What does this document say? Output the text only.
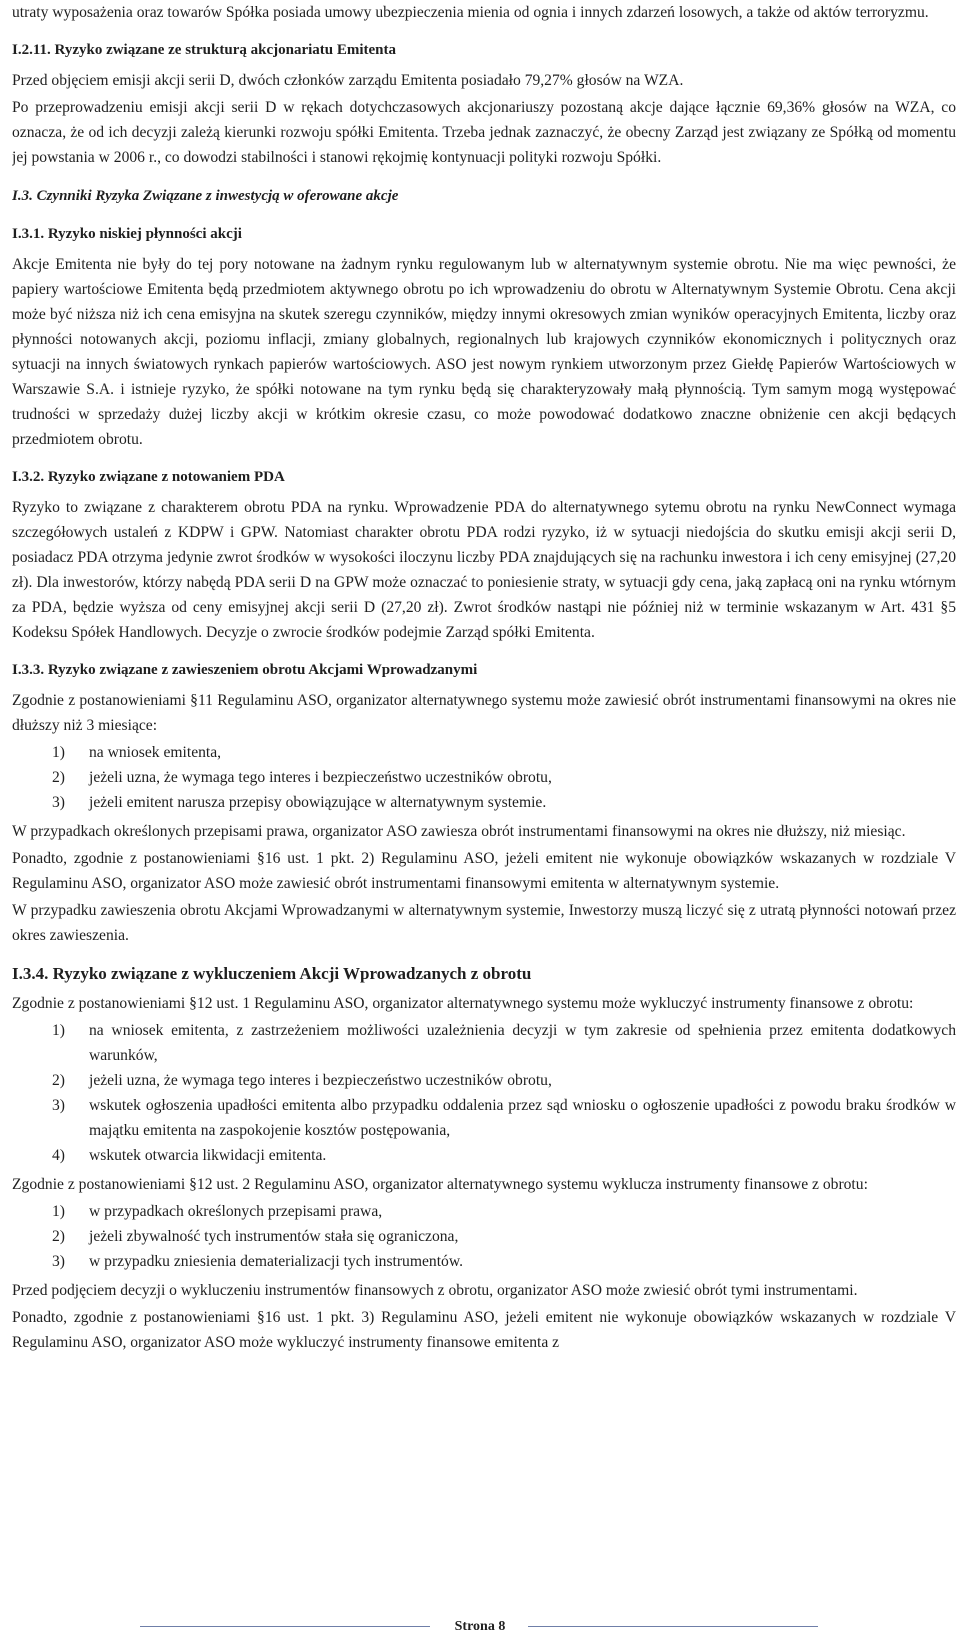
utraty wyposażenia oraz towarów Spółka posiada umowy ubezpieczenia mienia od ognia i innych zdarzeń losowych, a także od aktów terroryzmu.

I.2.11. Ryzyko związane ze strukturą akcjonariatu Emitenta

Przed objęciem emisji akcji serii D, dwóch członków zarządu Emitenta posiadało 79,27% głosów na WZA.

Po przeprowadzeniu emisji akcji serii D w rękach dotychczasowych akcjonariuszy pozostaną akcje dające łącznie 69,36% głosów na WZA, co oznacza, że od ich decyzji zależą kierunki rozwoju spółki Emitenta. Trzeba jednak zaznaczyć, że obecny Zarząd jest związany ze Spółką od momentu jej powstania w 2006 r., co dowodzi stabilności i stanowi rękojmię kontynuacji polityki rozwoju Spółki.

I.3. Czynniki Ryzyka Związane z inwestycją w oferowane akcje
I.3.1. Ryzyko niskiej płynności akcji

Akcje Emitenta nie były do tej pory notowane na żadnym rynku regulowanym lub w alternatywnym systemie obrotu. Nie ma więc pewności, że papiery wartościowe Emitenta będą przedmiotem aktywnego obrotu po ich wprowadzeniu do obrotu w Alternatywnym Systemie Obrotu. Cena akcji może być niższa niż ich cena emisyjna na skutek szeregu czynników, między innymi okresowych zmian wyników operacyjnych Emitenta, liczby oraz płynności notowanych akcji, poziomu inflacji, zmiany globalnych, regionalnych lub krajowych czynników ekonomicznych i politycznych oraz sytuacji na innych światowych rynkach papierów wartościowych. ASO jest nowym rynkiem utworzonym przez Giełdę Papierów Wartościowych w Warszawie S.A. i istnieje ryzyko, że spółki notowane na tym rynku będą się charakteryzowały małą płynnością. Tym samym mogą występować trudności w sprzedaży dużej liczby akcji w krótkim okresie czasu, co może powodować dodatkowo znaczne obniżenie cen akcji będących przedmiotem obrotu.

I.3.2. Ryzyko związane z notowaniem PDA

Ryzyko to związane z charakterem obrotu PDA na rynku. Wprowadzenie PDA do alternatywnego sytemu obrotu na rynku NewConnect wymaga szczegółowych ustaleń z KDPW i GPW. Natomiast charakter obrotu PDA rodzi ryzyko, iż w sytuacji niedojścia do skutku emisji akcji serii D, posiadacz PDA otrzyma jedynie zwrot środków w wysokości iloczynu liczby PDA znajdujących się na rachunku inwestora i ich ceny emisyjnej (27,20 zł). Dla inwestorów, którzy nabędą PDA serii D na GPW może oznaczać to poniesienie straty, w sytuacji gdy cena, jaką zapłacą oni na rynku wtórnym za PDA, będzie wyższa od ceny emisyjnej akcji serii D (27,20 zł). Zwrot środków nastąpi nie później niż w terminie wskazanym w Art. 431 §5 Kodeksu Spółek Handlowych. Decyzje o zwrocie środków podejmie Zarząd spółki Emitenta.

I.3.3. Ryzyko związane z zawieszeniem obrotu Akcjami Wprowadzanymi

Zgodnie z postanowieniami §11 Regulaminu ASO, organizator alternatywnego systemu może zawiesić obrót instrumentami finansowymi na okres nie dłuższy niż 3 miesiące:

1)	na wniosek emitenta,
2)	jeżeli uzna, że wymaga tego interes i bezpieczeństwo uczestników obrotu,
3)	jeżeli emitent narusza przepisy obowiązujące w alternatywnym systemie.

W przypadkach określonych przepisami prawa, organizator ASO zawiesza obrót instrumentami finansowymi na okres nie dłuższy, niż miesiąc.

Ponadto, zgodnie z postanowieniami §16 ust. 1 pkt. 2) Regulaminu ASO, jeżeli emitent nie wykonuje obowiązków wskazanych w rozdziale V Regulaminu ASO, organizator ASO może zawiesić obrót instrumentami finansowymi emitenta w alternatywnym systemie.

W przypadku zawieszenia obrotu Akcjami Wprowadzanymi w alternatywnym systemie, Inwestorzy muszą liczyć się z utratą płynności notowań przez okres zawieszenia.

I.3.4. Ryzyko związane z wykluczeniem Akcji Wprowadzanych z obrotu

Zgodnie z postanowieniami §12 ust. 1 Regulaminu ASO, organizator alternatywnego systemu może wykluczyć instrumenty finansowe z obrotu:

1)	na wniosek emitenta, z zastrzeżeniem możliwości uzależnienia decyzji w tym zakresie od spełnienia przez emitenta dodatkowych warunków,
2)	jeżeli uzna, że wymaga tego interes i bezpieczeństwo uczestników obrotu,
3)	wskutek ogłoszenia upadłości emitenta albo przypadku oddalenia przez sąd wniosku o ogłoszenie upadłości z powodu braku środków w majątku emitenta na zaspokojenie kosztów postępowania,
4)	wskutek otwarcia likwidacji emitenta.

Zgodnie z postanowieniami §12 ust. 2 Regulaminu ASO, organizator alternatywnego systemu wyklucza instrumenty finansowe z obrotu:

1)	w przypadkach określonych przepisami prawa,
2)	jeżeli zbywalność tych instrumentów stała się ograniczona,
3)	w przypadku zniesienia dematerializacji tych instrumentów.

Przed podjęciem decyzji o wykluczeniu instrumentów finansowych z obrotu, organizator ASO może zwiesić obrót tymi instrumentami.

Ponadto, zgodnie z postanowieniami §16 ust. 1 pkt. 3) Regulaminu ASO, jeżeli emitent nie wykonuje obowiązków wskazanych w rozdziale V Regulaminu ASO, organizator ASO może wykluczyć instrumenty finansowe emitenta z

Strona 8
